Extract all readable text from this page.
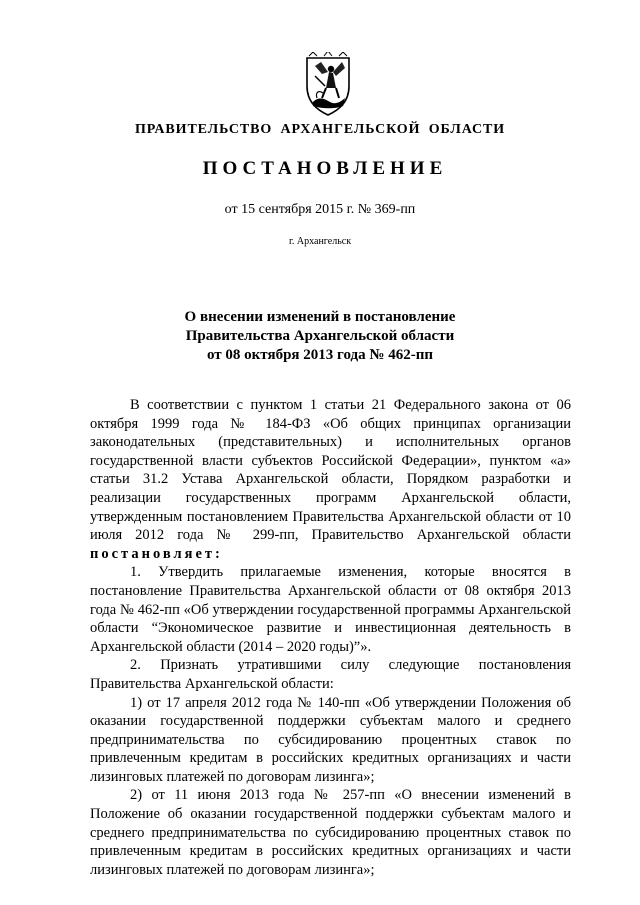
ПРАВИТЕЛЬСТВО АРХАНГЕЛЬСКОЙ ОБЛАСТИ
ПОСТАНОВЛЕНИЕ
от 15 сентября 2015 г. № 369-пп
г. Архангельск
О внесении изменений в постановление
Правительства Архангельской области
от 08 октября 2013 года № 462-пп

В соответствии с пунктом 1 статьи 21 Федерального закона от 06 октября 1999 года № 184-ФЗ «Об общих принципах организации законодательных (представительных) и исполнительных органов государственной власти субъектов Российской Федерации», пунктом «а» статьи 31.2 Устава Архангельской области, Порядком разработки и реализации государственных программ Архангельской области, утвержденным постановлением Правительства Архангельской области от 10 июля 2012 года № 299-пп, Правительство Архангельской области постановляет:

1. Утвердить прилагаемые изменения, которые вносятся в постановление Правительства Архангельской области от 08 октября 2013 года № 462-пп «Об утверждении государственной программы Архангельской области “Экономическое развитие и инвестиционная деятельность в Архангельской области (2014 – 2020 годы)”».

2. Признать утратившими силу следующие постановления Правительства Архангельской области:

1) от 17 апреля 2012 года № 140-пп «Об утверждении Положения об оказании государственной поддержки субъектам малого и среднего предпринимательства по субсидированию процентных ставок по привлеченным кредитам в российских кредитных организациях и части лизинговых платежей по договорам лизинга»;

2) от 11 июня 2013 года № 257-пп «О внесении изменений в Положение об оказании государственной поддержки субъектам малого и среднего предпринимательства по субсидированию процентных ставок по привлеченным кредитам в российских кредитных организациях и части лизинговых платежей по договорам лизинга»;
